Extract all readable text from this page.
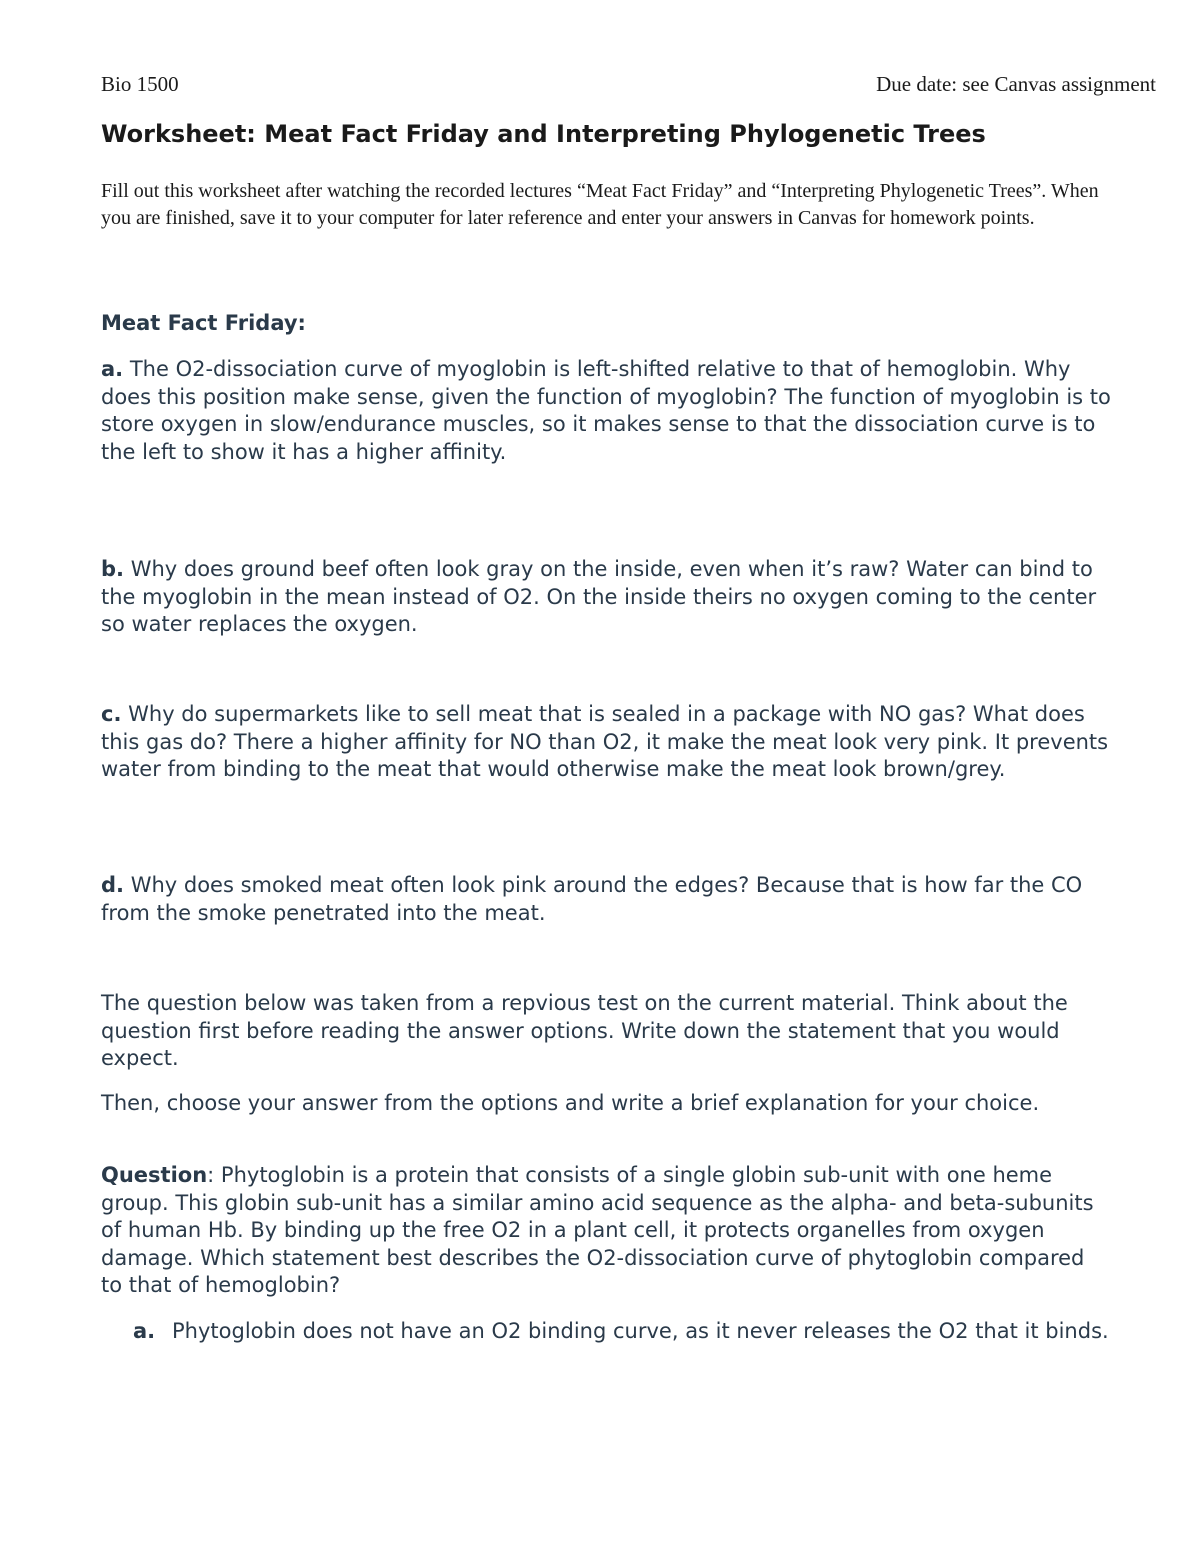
Bio 1500	Due date: see Canvas assignment
Worksheet: Meat Fact Friday and Interpreting Phylogenetic Trees
Fill out this worksheet after watching the recorded lectures “Meat Fact Friday” and “Interpreting Phylogenetic Trees”. When you are finished, save it to your computer for later reference and enter your answers in Canvas for homework points.
Meat Fact Friday:
a. The O2-dissociation curve of myoglobin is left-shifted relative to that of hemoglobin. Why does this position make sense, given the function of myoglobin? The function of myoglobin is to store oxygen in slow/endurance muscles, so it makes sense to that the dissociation curve is to the left to show it has a higher affinity.
b. Why does ground beef often look gray on the inside, even when it’s raw? Water can bind to the myoglobin in the mean instead of O2. On the inside theirs no oxygen coming to the center so water replaces the oxygen.
c. Why do supermarkets like to sell meat that is sealed in a package with NO gas? What does this gas do? There a higher affinity for NO than O2, it make the meat look very pink. It prevents water from binding to the meat that would otherwise make the meat look brown/grey.
d. Why does smoked meat often look pink around the edges? Because that is how far the CO from the smoke penetrated into the meat.
The question below was taken from a repvious test on the current material. Think about the question first before reading the answer options. Write down the statement that you would expect.
Then, choose your answer from the options and write a brief explanation for your choice.
Question: Phytoglobin is a protein that consists of a single globin sub-unit with one heme group. This globin sub-unit has a similar amino acid sequence as the alpha- and beta-subunits of human Hb. By binding up the free O2 in a plant cell, it protects organelles from oxygen damage. Which statement best describes the O2-dissociation curve of phytoglobin compared to that of hemoglobin?
a. Phytoglobin does not have an O2 binding curve, as it never releases the O2 that it binds.
